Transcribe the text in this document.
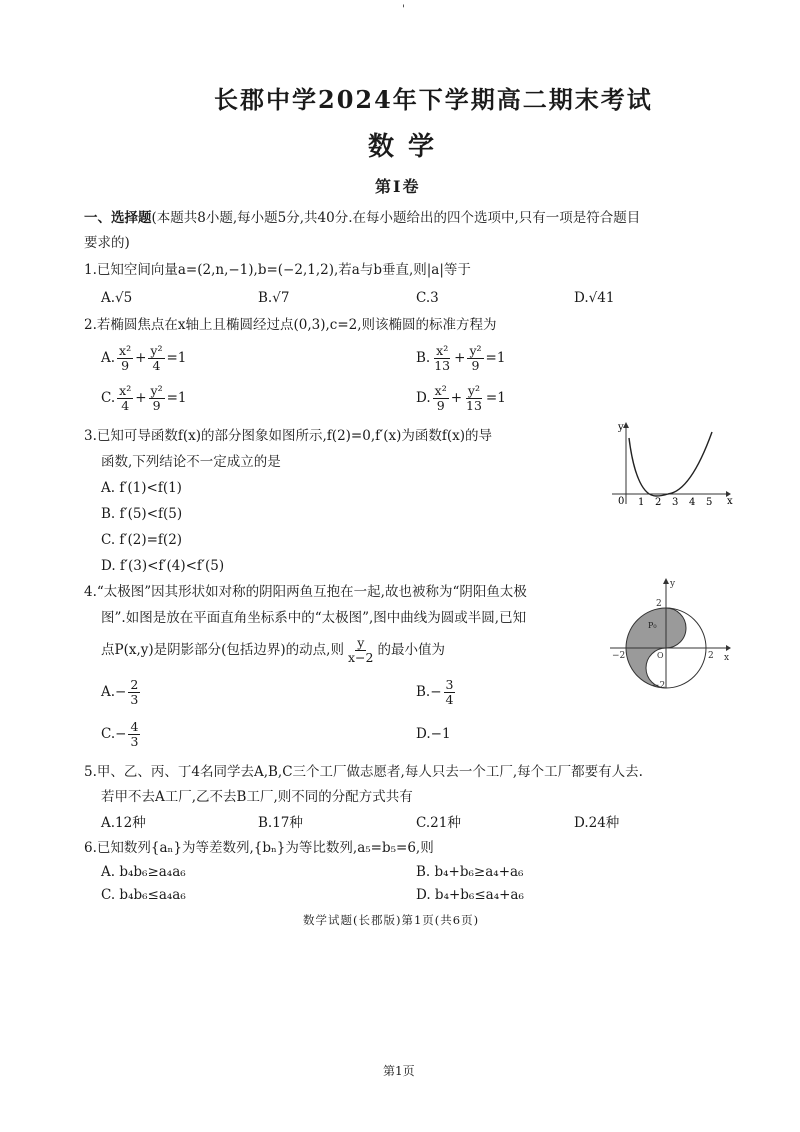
'
长郡中学2024年下学期高二期末考试
数学
第Ⅰ卷
一、选择题(本题共8小题,每小题5分,共40分.在每小题给出的四个选项中,只有一项是符合题目
要求的)
1.已知空间向量a=(2,n,−1),b=(−2,1,2),若a与b垂直,则|a|等于
A.√5	B.√7	C.3	D.√41
2.若椭圆焦点在x轴上且椭圆经过点(0,3),c=2,则该椭圆的标准方程为
A. $\frac{\text{x²}}{9} + \frac{\text{y²}}{4} =1$	B. $\frac{\text{x²}}{13} + \frac{\text{y²}}{9} =1$
C. $\frac{\text{x²}}{4} + \frac{\text{y²}}{9} =1$	D. $\frac{\text{x²}}{9} + \frac{\text{y²}}{13} =1$
3.已知可导函数f(x)的部分图象如图所示,f(2)=0,f′(x)为函数f(x)的导
函数,下列结论不一定成立的是
A. f′(1)<f(1)
B. f′(5)<f(5)
C. f′(2)=f(2)
D. f′(3)<f′(4)<f′(5)
y
x
0 1 2 3 4 5
4.“太极图”因其形状如对称的阴阳两鱼互抱在一起,故也被称为“阴阳鱼太极
图”.如图是放在平面直角坐标系中的“太极图”,图中曲线为圆或半圆,已知
点P(x,y)是阴影部分(包括边界)的动点,则 $\frac{y}{x-2}$ 的最小值为
$A.- \frac{2}{3}$	$B.- \frac{3}{4}$
$C.- \frac{4}{3}$	D.−1
y
x
2
−2
−2	2
O
P₀
5.甲、乙、丙、丁4名同学去A,B,C三个工厂做志愿者,每人只去一个工厂,每个工厂都要有人去.
若甲不去A工厂,乙不去B工厂,则不同的分配方式共有
A.12种	B.17种	C.21种	D.24种
6.已知数列{aₙ}为等差数列,{bₙ}为等比数列,a₅=b₅=6,则
A. b₄b₆≥a₄a₆	B. b₄+b₆≥a₄+a₆
C. b₄b₆≤a₄a₆	D. b₄+b₆≤a₄+a₆
数学试题(长郡版)第1页(共6页)
第1页
